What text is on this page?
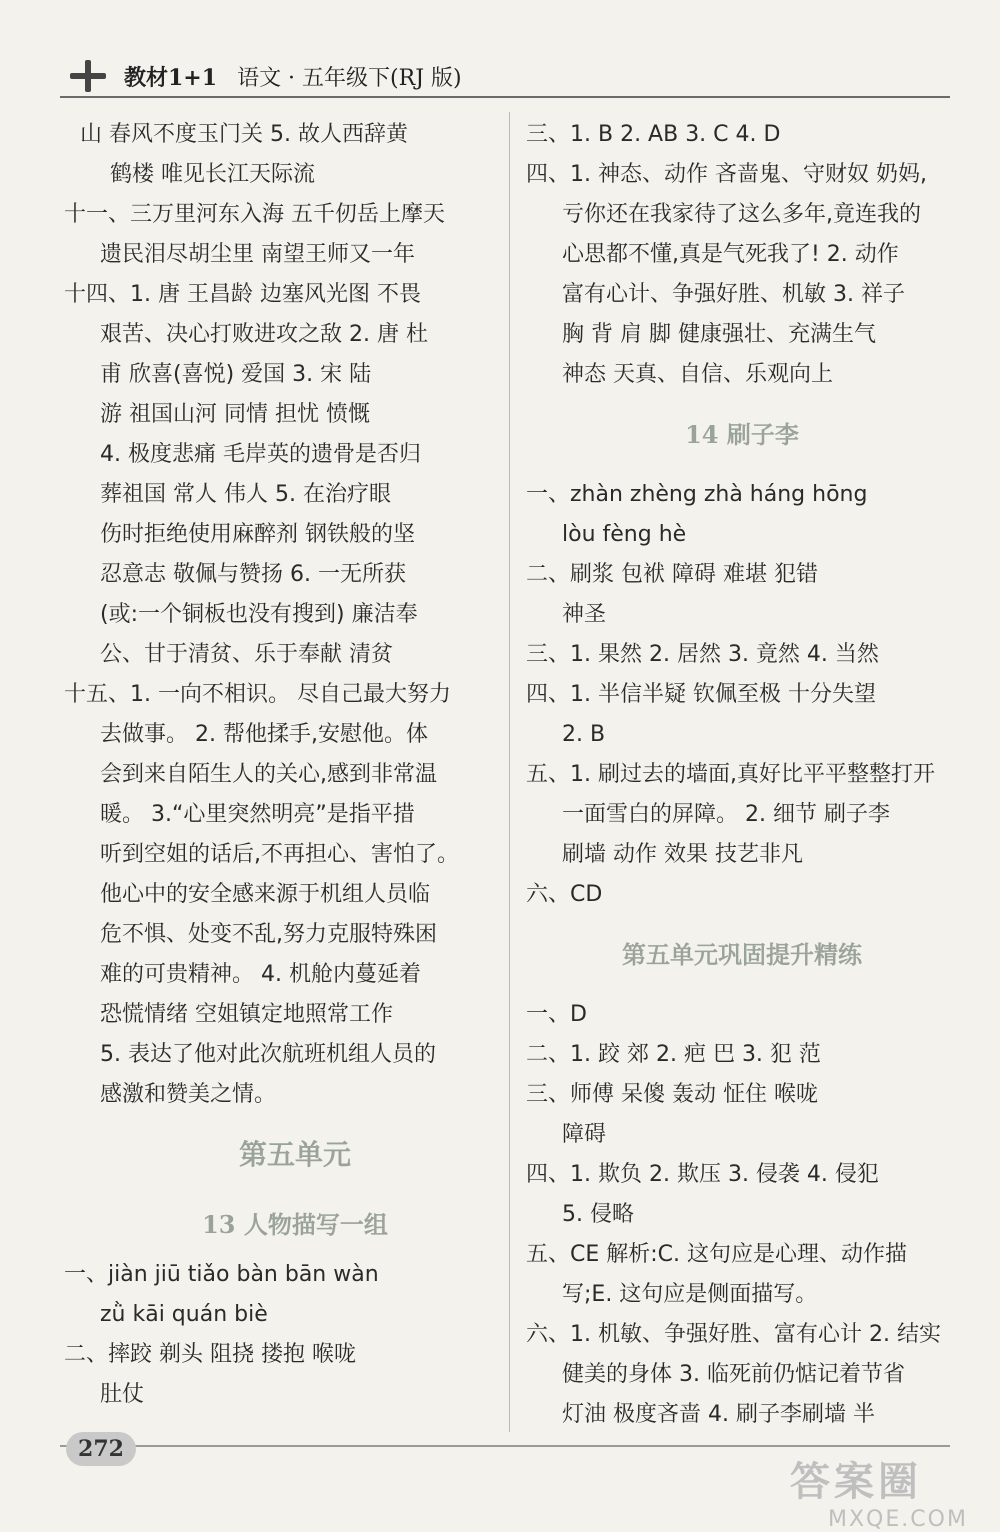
教材1+1 语文 · 五年级下(RJ 版)
山 春风不度玉门关 5. 故人西辞黄
鹤楼 唯见长江天际流
十一、三万里河东入海 五千仞岳上摩天
遗民泪尽胡尘里 南望王师又一年
十四、1. 唐 王昌龄 边塞风光图 不畏
艰苦、决心打败进攻之敌 2. 唐 杜
甫 欣喜(喜悦) 爱国 3. 宋 陆
游 祖国山河 同情 担忧 愤慨
4. 极度悲痛 毛岸英的遗骨是否归
葬祖国 常人 伟人 5. 在治疗眼
伤时拒绝使用麻醉剂 钢铁般的坚
忍意志 敬佩与赞扬 6. 一无所获
(或:一个铜板也没有搜到) 廉洁奉
公、甘于清贫、乐于奉献 清贫
十五、1. 一向不相识。 尽自己最大努力
去做事。 2. 帮他揉手,安慰他。体
会到来自陌生人的关心,感到非常温
暖。 3.“心里突然明亮”是指平措
听到空姐的话后,不再担心、害怕了。
他心中的安全感来源于机组人员临
危不惧、处变不乱,努力克服特殊困
难的可贵精神。 4. 机舱内蔓延着
恐慌情绪 空姐镇定地照常工作
5. 表达了他对此次航班机组人员的
感激和赞美之情。
第五单元
13 人物描写一组
一、jiàn jiū tiǎo bàn bān wàn
zǜ kāi quán biè
二、摔跤 剃头 阻挠 搂抱 喉咙
肚仗
三、1. B 2. AB 3. C 4. D
四、1. 神态、动作 吝啬鬼、守财奴 奶妈,
亏你还在我家待了这么多年,竟连我的
心思都不懂,真是气死我了! 2. 动作
富有心计、争强好胜、机敏 3. 祥子
胸 背 肩 脚 健康强壮、充满生气
神态 天真、自信、乐观向上
14 刷子李
一、zhàn zhèng zhà háng hōng
lòu fèng hè
二、刷浆 包袱 障碍 难堪 犯错
神圣
三、1. 果然 2. 居然 3. 竟然 4. 当然
四、1. 半信半疑 钦佩至极 十分失望
2. B
五、1. 刷过去的墙面,真好比平平整整打开
一面雪白的屏障。 2. 细节 刷子李
刷墙 动作 效果 技艺非凡
六、CD
第五单元巩固提升精练
一、D
二、1. 跤 郊 2. 疤 巴 3. 犯 范
三、师傅 呆傻 轰动 怔住 喉咙
障碍
四、1. 欺负 2. 欺压 3. 侵袭 4. 侵犯
5. 侵略
五、CE 解析:C. 这句应是心理、动作描
写;E. 这句应是侧面描写。
六、1. 机敏、争强好胜、富有心计 2. 结实
健美的身体 3. 临死前仍惦记着节省
灯油 极度吝啬 4. 刷子李刷墙 半
272
答案圈
MXQE.COM
